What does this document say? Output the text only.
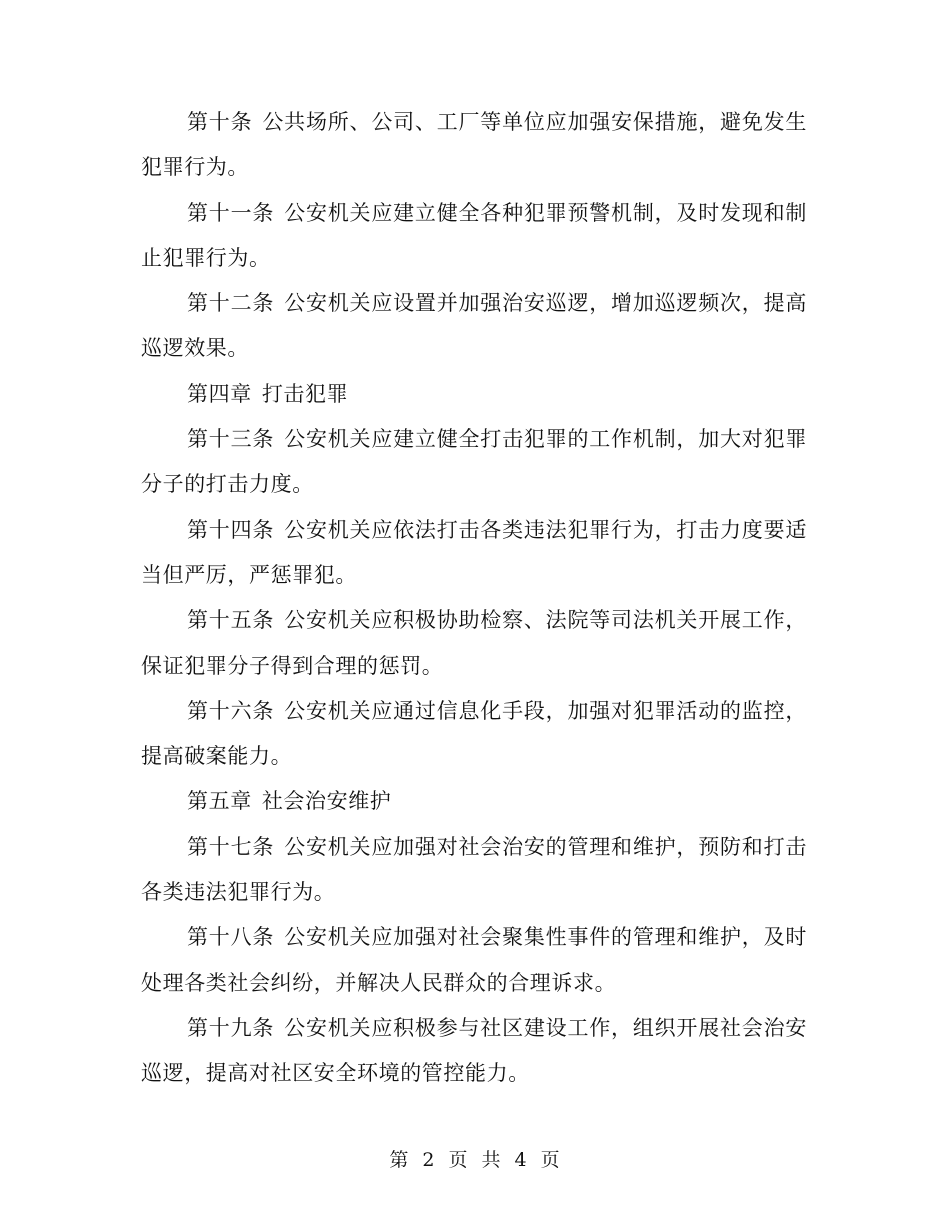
第十条 公共场所、公司、工厂等单位应加强安保措施，避免发生犯罪行为。

第十一条 公安机关应建立健全各种犯罪预警机制，及时发现和制止犯罪行为。

第十二条 公安机关应设置并加强治安巡逻，增加巡逻频次，提高巡逻效果。

第四章 打击犯罪

第十三条 公安机关应建立健全打击犯罪的工作机制，加大对犯罪分子的打击力度。

第十四条 公安机关应依法打击各类违法犯罪行为，打击力度要适当但严厉，严惩罪犯。

第十五条 公安机关应积极协助检察、法院等司法机关开展工作，保证犯罪分子得到合理的惩罚。

第十六条 公安机关应通过信息化手段，加强对犯罪活动的监控，提高破案能力。

第五章 社会治安维护

第十七条 公安机关应加强对社会治安的管理和维护，预防和打击各类违法犯罪行为。

第十八条 公安机关应加强对社会聚集性事件的管理和维护，及时处理各类社会纠纷，并解决人民群众的合理诉求。

第十九条 公安机关应积极参与社区建设工作，组织开展社会治安巡逻，提高对社区安全环境的管控能力。

第 2 页 共 4 页
